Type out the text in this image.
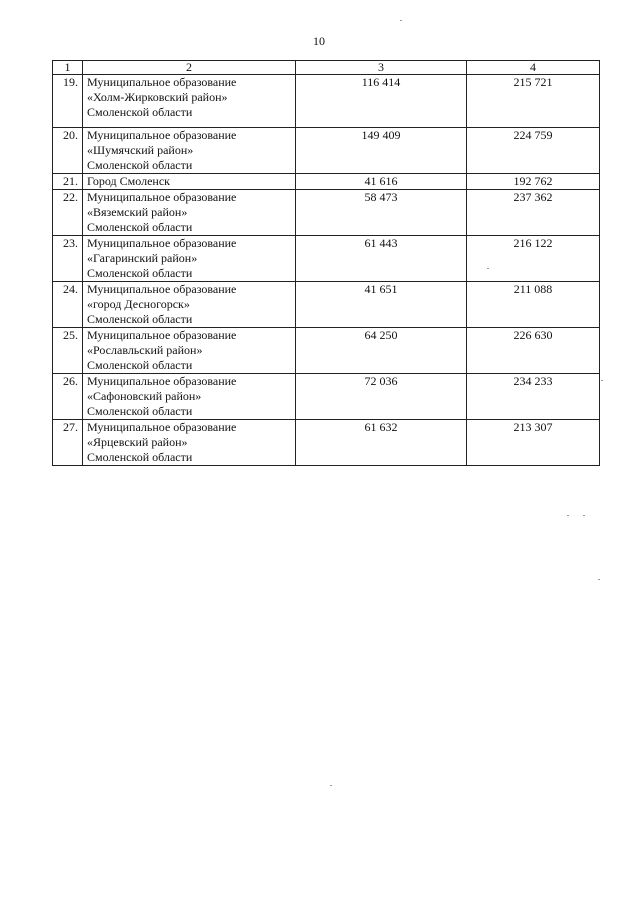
10
1	2	3	4
19.	Муниципальное образование
«Холм-Жирковский район»
Смоленской области	116 414	215 721
20.	Муниципальное образование
«Шумячский район»
Смоленской области	149 409	224 759
21.	Город Смоленск	41 616	192 762
22.	Муниципальное образование
«Вяземский район»
Смоленской области	58 473	237 362
23.	Муниципальное образование
«Гагаринский район»
Смоленской области	61 443	216 122
24.	Муниципальное образование
«город Десногорск»
Смоленской области	41 651	211 088
25.	Муниципальное образование
«Рославльский район»
Смоленской области	64 250	226 630
26.	Муниципальное образование
«Сафоновский район»
Смоленской области	72 036	234 233
27.	Муниципальное образование
«Ярцевский район»
Смоленской области	61 632	213 307
